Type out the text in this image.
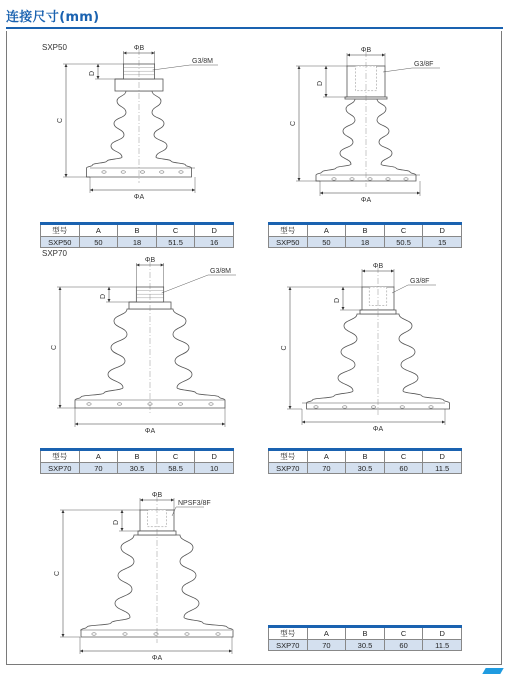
连接尺寸(mm)
SXP50
SXP70
ΦB
ΦA
C
D
G3/8M
ΦB
ΦA
C
D
G3/8F
ΦB
ΦA
C
D
G3/8M
ΦB
ΦA
C
D
G3/8F
ΦB
ΦA
C
D
NPSF3/8F
型号	A	B	C	D
SXP50	50	18	51.5	16
型号	A	B	C	D
SXP50	50	18	50.5	15
型号	A	B	C	D
SXP70	70	30.5	58.5	10
型号	A	B	C	D
SXP70	70	30.5	60	11.5
型号	A	B	C	D
SXP70	70	30.5	60	11.5
